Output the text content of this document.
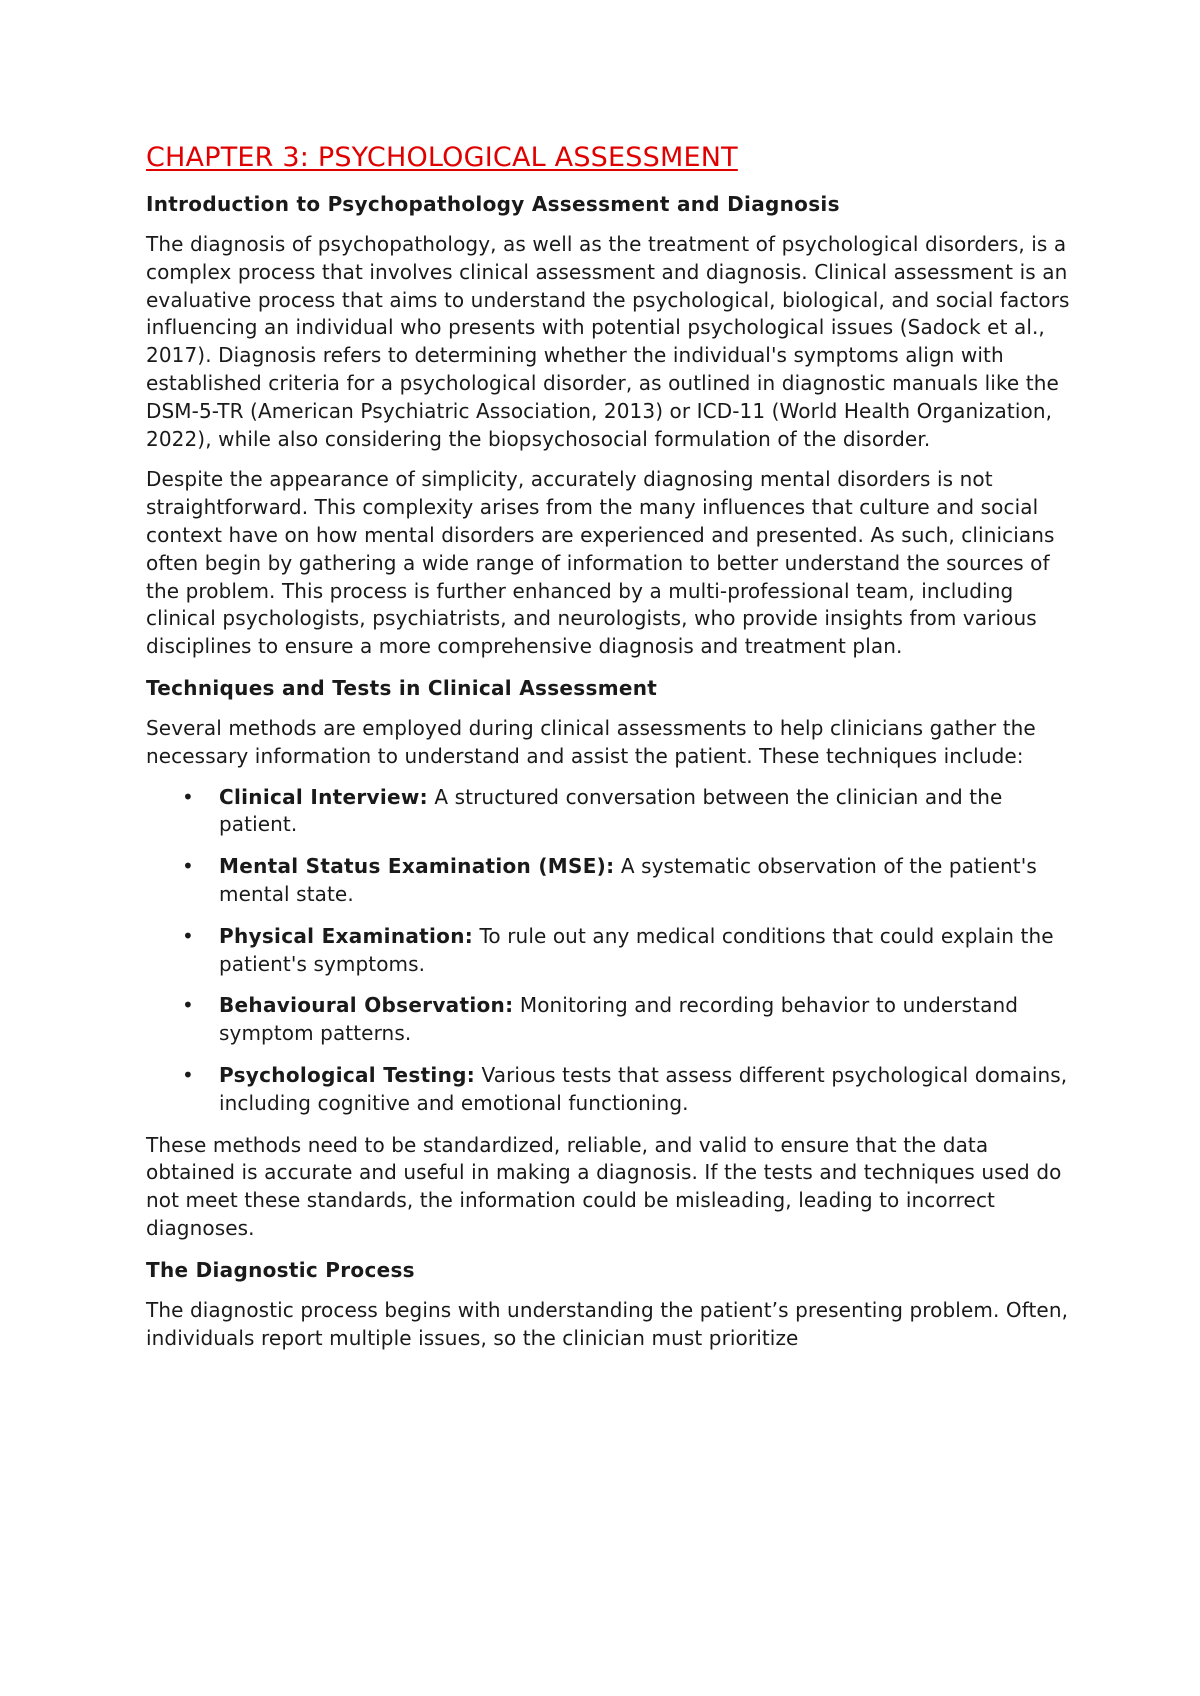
CHAPTER 3: PSYCHOLOGICAL ASSESSMENT
Introduction to Psychopathology Assessment and Diagnosis

The diagnosis of psychopathology, as well as the treatment of psychological disorders, is a complex process that involves clinical assessment and diagnosis. Clinical assessment is an evaluative process that aims to understand the psychological, biological, and social factors influencing an individual who presents with potential psychological issues (Sadock et al., 2017). Diagnosis refers to determining whether the individual's symptoms align with established criteria for a psychological disorder, as outlined in diagnostic manuals like the DSM-5-TR (American Psychiatric Association, 2013) or ICD-11 (World Health Organization, 2022), while also considering the biopsychosocial formulation of the disorder.

Despite the appearance of simplicity, accurately diagnosing mental disorders is not straightforward. This complexity arises from the many influences that culture and social context have on how mental disorders are experienced and presented. As such, clinicians often begin by gathering a wide range of information to better understand the sources of the problem. This process is further enhanced by a multi-professional team, including clinical psychologists, psychiatrists, and neurologists, who provide insights from various disciplines to ensure a more comprehensive diagnosis and treatment plan.

Techniques and Tests in Clinical Assessment

Several methods are employed during clinical assessments to help clinicians gather the necessary information to understand and assist the patient. These techniques include:

• Clinical Interview: A structured conversation between the clinician and the patient.
• Mental Status Examination (MSE): A systematic observation of the patient's mental state.
• Physical Examination: To rule out any medical conditions that could explain the patient's symptoms.
• Behavioural Observation: Monitoring and recording behavior to understand symptom patterns.
• Psychological Testing: Various tests that assess different psychological domains, including cognitive and emotional functioning.

These methods need to be standardized, reliable, and valid to ensure that the data obtained is accurate and useful in making a diagnosis. If the tests and techniques used do not meet these standards, the information could be misleading, leading to incorrect diagnoses.

The Diagnostic Process

The diagnostic process begins with understanding the patient’s presenting problem. Often, individuals report multiple issues, so the clinician must prioritize
